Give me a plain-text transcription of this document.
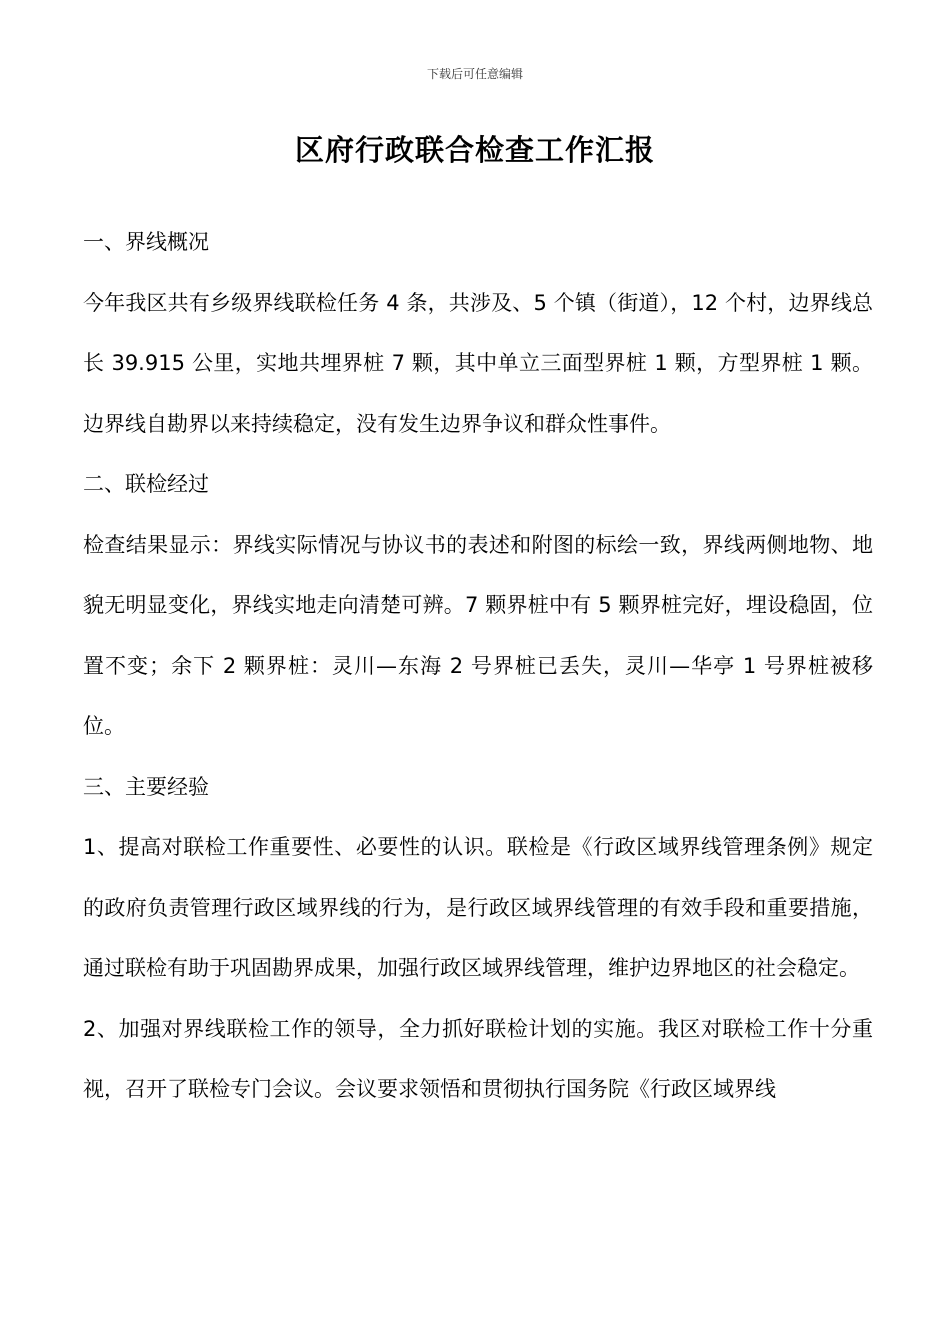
下载后可任意编辑
区府行政联合检查工作汇报

一、界线概况

今年我区共有乡级界线联检任务 4 条，共涉及、5 个镇（街道），12 个村，边界线总长 39.915 公里，实地共埋界桩 7 颗，其中单立三面型界桩 1 颗，方型界桩 1 颗。边界线自勘界以来持续稳定，没有发生边界争议和群众性事件。

二、联检经过

检查结果显示：界线实际情况与协议书的表述和附图的标绘一致，界线两侧地物、地貌无明显变化，界线实地走向清楚可辨。7 颗界桩中有 5 颗界桩完好，埋设稳固，位置不变；余下 2 颗界桩：灵川—东海 2 号界桩已丢失，灵川—华亭 1 号界桩被移位。

三、主要经验

1、提高对联检工作重要性、必要性的认识。联检是《行政区域界线管理条例》规定的政府负责管理行政区域界线的行为，是行政区域界线管理的有效手段和重要措施，通过联检有助于巩固勘界成果，加强行政区域界线管理，维护边界地区的社会稳定。

2、加强对界线联检工作的领导，全力抓好联检计划的实施。我区对联检工作十分重视，召开了联检专门会议。会议要求领悟和贯彻执行国务院《行政区域界线
